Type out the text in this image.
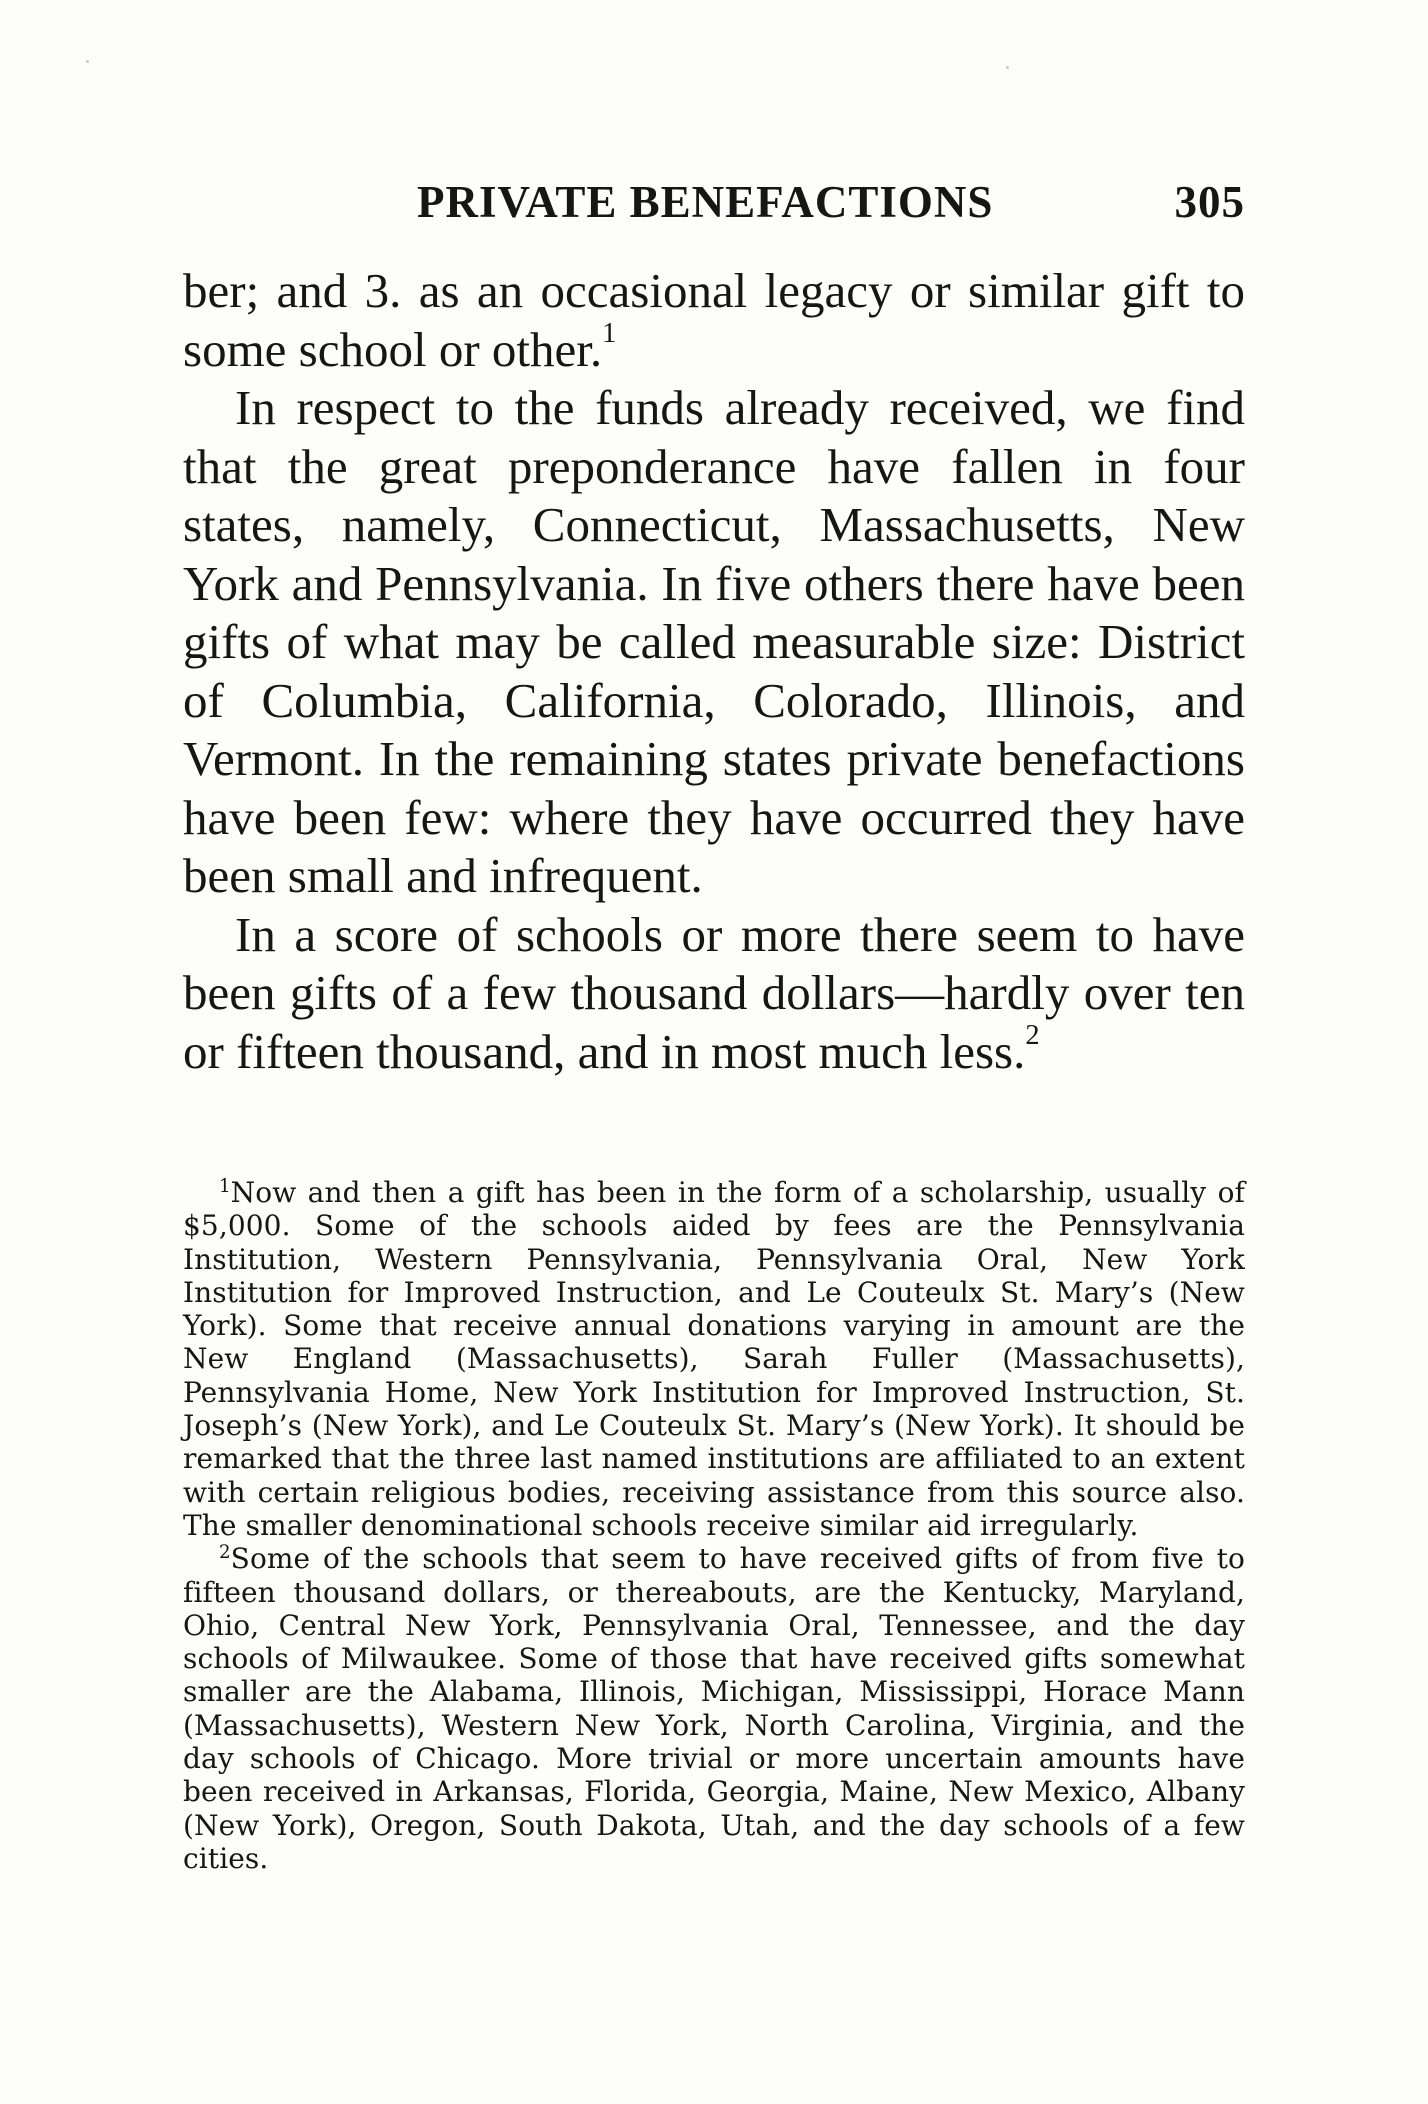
PRIVATE BENEFACTIONS	305

ber; and 3. as an occasional legacy or similar gift to some school or other.$^1$

In respect to the funds already received, we find that the great preponderance have fallen in four states, namely, Connecticut, Massachusetts, New York and Pennsylvania. In five others there have been gifts of what may be called measurable size: District of Columbia, California, Colorado, Illinois, and Vermont. In the remaining states private benefactions have been few: where they have occurred they have been small and infrequent.

In a score of schools or more there seem to have been gifts of a few thousand dollars—hardly over ten or fifteen thousand, and in most much less.$^2$

$^1$Now and then a gift has been in the form of a scholarship, usually of $5,000. Some of the schools aided by fees are the Pennsylvania Institution, Western Pennsylvania, Pennsylvania Oral, New York Institution for Improved Instruction, and Le Couteulx St. Mary’s (New York). Some that receive annual donations varying in amount are the New England (Massachusetts), Sarah Fuller (Massachusetts), Pennsylvania Home, New York Institution for Improved Instruction, St. Joseph’s (New York), and Le Couteulx St. Mary’s (New York). It should be remarked that the three last named institutions are affiliated to an extent with certain religious bodies, receiving assistance from this source also. The smaller denominational schools receive similar aid irregularly.

$^2$Some of the schools that seem to have received gifts of from five to fifteen thousand dollars, or thereabouts, are the Kentucky, Maryland, Ohio, Central New York, Pennsylvania Oral, Tennessee, and the day schools of Milwaukee. Some of those that have received gifts somewhat smaller are the Alabama, Illinois, Michigan, Mississippi, Horace Mann (Massachusetts), Western New York, North Carolina, Virginia, and the day schools of Chicago. More trivial or more uncertain amounts have been received in Arkansas, Florida, Georgia, Maine, New Mexico, Albany (New York), Oregon, South Dakota, Utah, and the day schools of a few cities.
